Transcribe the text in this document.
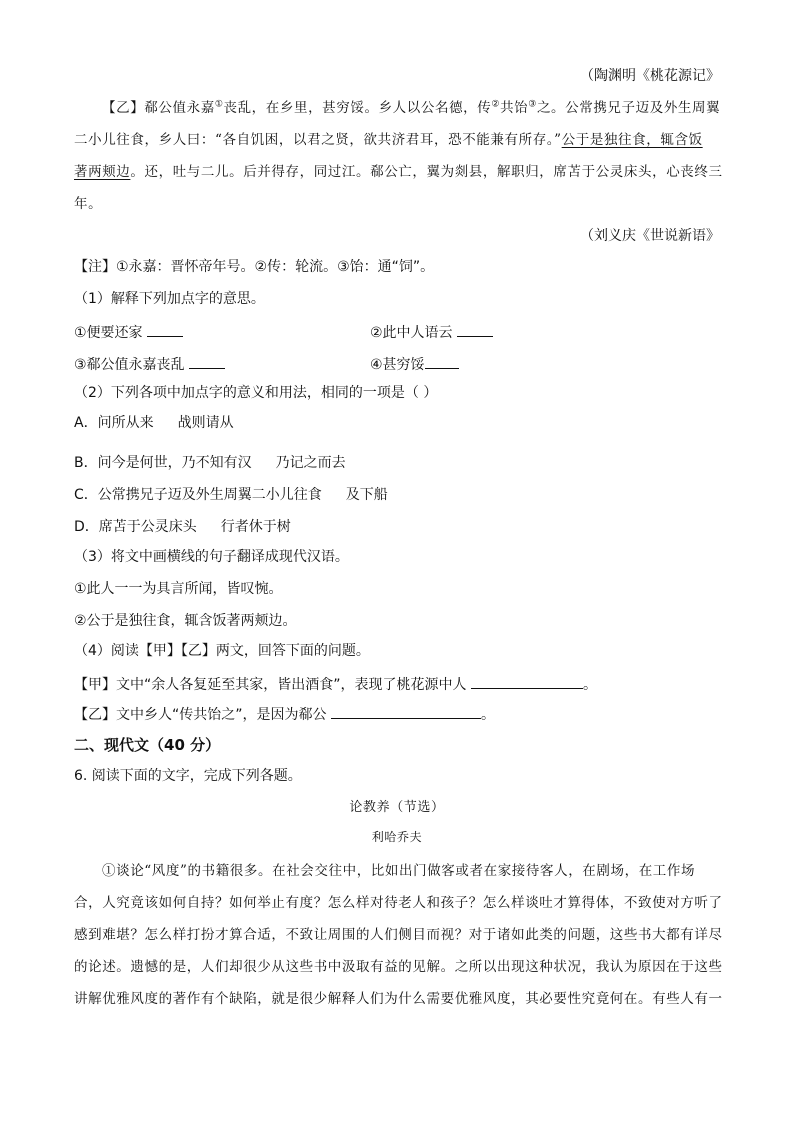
（陶渊明《桃花源记》
【乙】郗公值永嘉①丧乱，在乡里，甚穷馁。乡人以公名德，传②共饴③之。公常携兄子迈及外生周翼
二小儿往食，乡人曰：“各自饥困，以君之贤，欲共济君耳，恐不能兼有所存。”公于是独往食，辄含饭
著两颊边。还，吐与二儿。后并得存，同过江。郗公亡，翼为剡县，解职归，席苫于公灵床头，心丧终三
年。
（刘义庆《世说新语》
【注】①永嘉：晋怀帝年号。②传：轮流。③饴：通“饲”。
（1）解释下列加点字的意思。
①便要还家	②此中人语云
③郗公值永嘉丧乱	④甚穷馁
（2）下列各项中加点字的意义和用法，相同的一项是（ ）
A．问所从来 战则请从
B．问今是何世，乃不知有汉 乃记之而去
C．公常携兄子迈及外生周翼二小儿往食 及下船
D．席苫于公灵床头 行者休于树
（3）将文中画横线的句子翻译成现代汉语。
①此人一一为具言所闻，皆叹惋。
②公于是独往食，辄含饭著两颊边。
（4）阅读【甲】【乙】两文，回答下面的问题。
【甲】文中“余人各复延至其家，皆出酒食”，表现了桃花源中人	。
【乙】文中乡人“传共饴之”，是因为郗公	。
二、现代文（40 分）
6. 阅读下面的文字，完成下列各题。
论教养（节选）
利哈乔夫
①谈论“风度”的书籍很多。在社会交往中，比如出门做客或者在家接待客人，在剧场，在工作场
合，人究竟该如何自持？如何举止有度？怎么样对待老人和孩子？怎么样谈吐才算得体，不致使对方听了
感到难堪？怎么样打扮才算合适，不致让周围的人们侧目而视？对于诸如此类的问题，这些书大都有详尽
的论述。遗憾的是，人们却很少从这些书中汲取有益的见解。之所以出现这种状况，我认为原因在于这些
讲解优雅风度的著作有个缺陷，就是很少解释人们为什么需要优雅风度，其必要性究竟何在。有些人有一
